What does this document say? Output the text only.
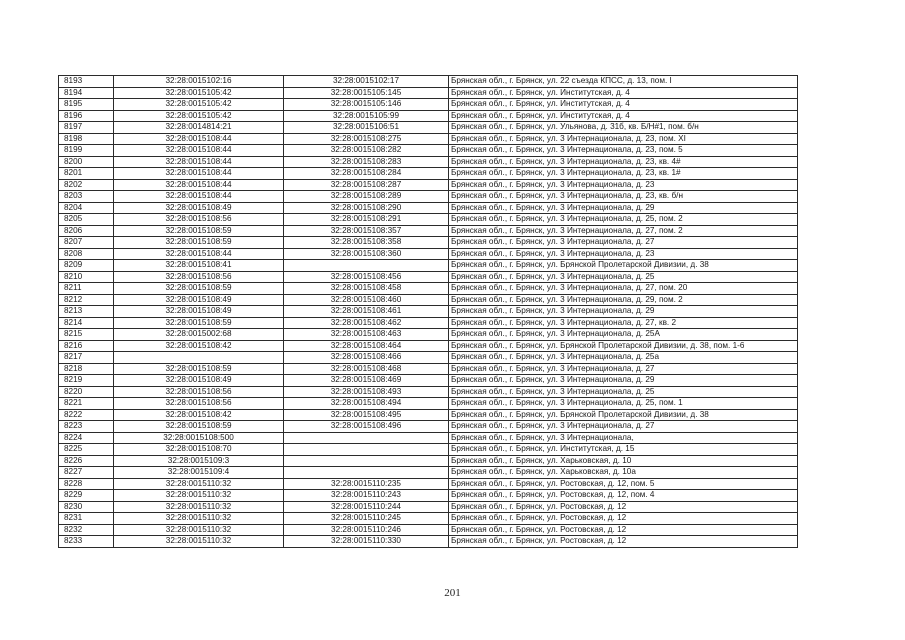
8193	32:28:0015102:16	32:28:0015102:17	Брянская обл., г. Брянск, ул. 22 съезда КПСС, д. 13, пом. I
8194	32:28:0015105:42	32:28:0015105:145	Брянская обл., г. Брянск, ул. Институтская, д. 4
8195	32:28:0015105:42	32:28:0015105:146	Брянская обл., г. Брянск, ул. Институтская, д. 4
8196	32:28:0015105:42	32:28:0015105:99	Брянская обл., г. Брянск, ул. Институтская, д. 4
8197	32:28:0014814:21	32:28:0015106:51	Брянская обл., г. Брянск, ул. Ульянова, д. 31б, кв. Б/Н#1, пом. б/н
8198	32:28:0015108:44	32:28:0015108:275	Брянская обл., г. Брянск, ул. 3 Интернационала, д. 23, пом. XI
8199	32:28:0015108:44	32:28:0015108:282	Брянская обл., г. Брянск, ул. 3 Интернационала, д. 23, пом. 5
8200	32:28:0015108:44	32:28:0015108:283	Брянская обл., г. Брянск, ул. 3 Интернационала, д. 23, кв. 4#
8201	32:28:0015108:44	32:28:0015108:284	Брянская обл., г. Брянск, ул. 3 Интернационала, д. 23, кв. 1#
8202	32:28:0015108:44	32:28:0015108:287	Брянская обл., г. Брянск, ул. 3 Интернационала, д. 23
8203	32:28:0015108:44	32:28:0015108:289	Брянская обл., г. Брянск, ул. 3 Интернационала, д. 23, кв. б/н
8204	32:28:0015108:49	32:28:0015108:290	Брянская обл., г. Брянск, ул. 3 Интернационала, д. 29
8205	32:28:0015108:56	32:28:0015108:291	Брянская обл., г. Брянск, ул. 3 Интернационала, д. 25, пом. 2
8206	32:28:0015108:59	32:28:0015108:357	Брянская обл., г. Брянск, ул. 3 Интернационала, д. 27, пом. 2
8207	32:28:0015108:59	32:28:0015108:358	Брянская обл., г. Брянск, ул. 3 Интернационала, д. 27
8208	32:28:0015108:44	32:28:0015108:360	Брянская обл., г. Брянск, ул. 3 Интернационала, д. 23
8209	32:28:0015108:41		Брянская обл., г. Брянск, ул. Брянской Пролетарской Дивизии, д. 38
8210	32:28:0015108:56	32:28:0015108:456	Брянская обл., г. Брянск, ул. 3 Интернационала, д. 25
8211	32:28:0015108:59	32:28:0015108:458	Брянская обл., г. Брянск, ул. 3 Интернационала, д. 27, пом. 20
8212	32:28:0015108:49	32:28:0015108:460	Брянская обл., г. Брянск, ул. 3 Интернационала, д. 29, пом. 2
8213	32:28:0015108:49	32:28:0015108:461	Брянская обл., г. Брянск, ул. 3 Интернационала, д. 29
8214	32:28:0015108:59	32:28:0015108:462	Брянская обл., г. Брянск, ул. 3 Интернационала, д. 27, кв. 2
8215	32:28:0015002:68	32:28:0015108:463	Брянская обл., г. Брянск, ул. 3 Интернационала, д. 25А
8216	32:28:0015108:42	32:28:0015108:464	Брянская обл., г. Брянск, ул. Брянской Пролетарской Дивизии, д. 38, пом. 1-6
8217		32:28:0015108:466	Брянская обл., г. Брянск, ул. 3 Интернационала, д. 25а
8218	32:28:0015108:59	32:28:0015108:468	Брянская обл., г. Брянск, ул. 3 Интернационала, д. 27
8219	32:28:0015108:49	32:28:0015108:469	Брянская обл., г. Брянск, ул. 3 Интернационала, д. 29
8220	32:28:0015108:56	32:28:0015108:493	Брянская обл., г. Брянск, ул. 3 Интернационала, д. 25
8221	32:28:0015108:56	32:28:0015108:494	Брянская обл., г. Брянск, ул. 3 Интернационала, д. 25, пом. 1
8222	32:28:0015108:42	32:28:0015108:495	Брянская обл., г. Брянск, ул. Брянской Пролетарской Дивизии, д. 38
8223	32:28:0015108:59	32:28:0015108:496	Брянская обл., г. Брянск, ул. 3 Интернационала, д. 27
8224	32:28:0015108:500		Брянская обл., г. Брянск, ул. 3 Интернационала,
8225	32:28:0015108:70		Брянская обл., г. Брянск, ул. Институтская, д. 15
8226	32:28:0015109:3		Брянская обл., г. Брянск, ул. Харьковская, д. 10
8227	32:28:0015109:4		Брянская обл., г. Брянск, ул. Харьковская, д. 10а
8228	32:28:0015110:32	32:28:0015110:235	Брянская обл., г. Брянск, ул. Ростовская, д. 12, пом. 5
8229	32:28:0015110:32	32:28:0015110:243	Брянская обл., г. Брянск, ул. Ростовская, д. 12, пом. 4
8230	32:28:0015110:32	32:28:0015110:244	Брянская обл., г. Брянск, ул. Ростовская, д. 12
8231	32:28:0015110:32	32:28:0015110:245	Брянская обл., г. Брянск, ул. Ростовская, д. 12
8232	32:28:0015110:32	32:28:0015110:246	Брянская обл., г. Брянск, ул. Ростовская, д. 12
8233	32:28:0015110:32	32:28:0015110:330	Брянская обл., г. Брянск, ул. Ростовская, д. 12
201
